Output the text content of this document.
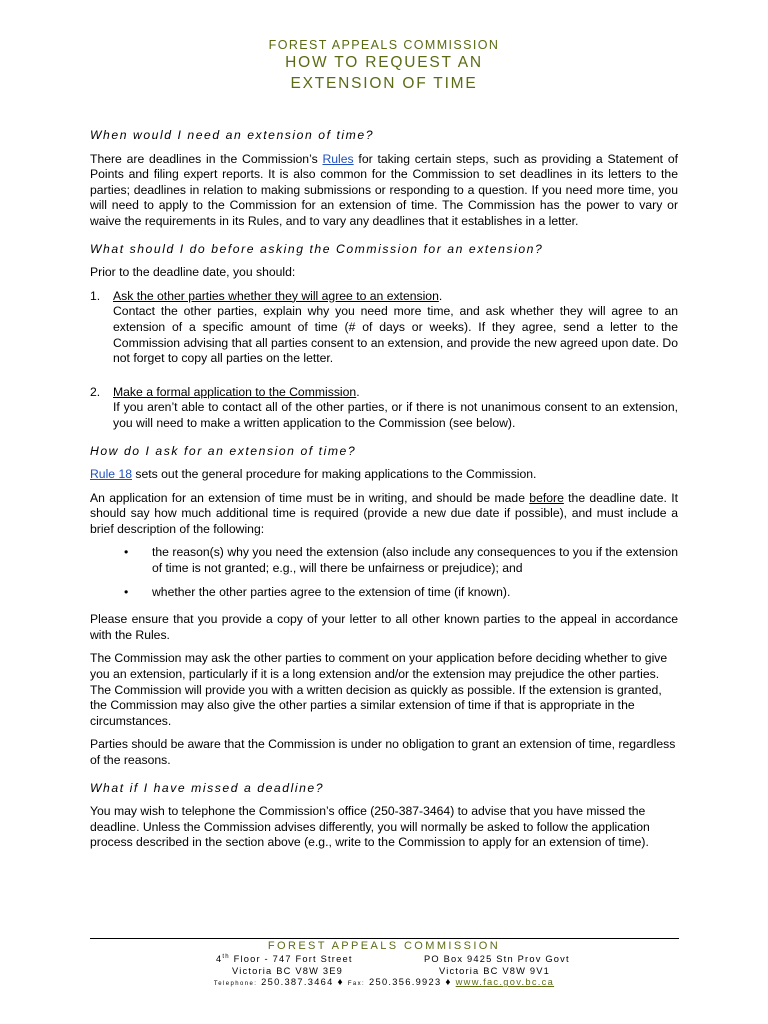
FOREST APPEALS COMMISSION
HOW TO REQUEST AN
EXTENSION OF TIME
When would I need an extension of time?

There are deadlines in the Commission’s Rules for taking certain steps, such as providing a Statement of Points and filing expert reports. It is also common for the Commission to set deadlines in its letters to the parties; deadlines in relation to making submissions or responding to a question. If you need more time, you will need to apply to the Commission for an extension of time. The Commission has the power to vary or waive the requirements in its Rules, and to vary any deadlines that it establishes in a letter.

What should I do before asking the Commission for an extension?

Prior to the deadline date, you should:

1.	Ask the other parties whether they will agree to an extension.
Contact the other parties, explain why you need more time, and ask whether they will agree to an extension of a specific amount of time (# of days or weeks). If they agree, send a letter to the Commission advising that all parties consent to an extension, and provide the new agreed upon date. Do not forget to copy all parties on the letter.
2.	Make a formal application to the Commission.
If you aren’t able to contact all of the other parties, or if there is not unanimous consent to an extension, you will need to make a written application to the Commission (see below).
How do I ask for an extension of time?

Rule 18 sets out the general procedure for making applications to the Commission.

An application for an extension of time must be in writing, and should be made before the deadline date. It should say how much additional time is required (provide a new due date if possible), and must include a brief description of the following:

•	the reason(s) why you need the extension (also include any consequences to you if the extension of time is not granted; e.g., will there be unfairness or prejudice); and
•	whether the other parties agree to the extension of time (if known).

Please ensure that you provide a copy of your letter to all other known parties to the appeal in accordance with the Rules.

The Commission may ask the other parties to comment on your application before deciding whether to give you an extension, particularly if it is a long extension and/or the extension may prejudice the other parties. The Commission will provide you with a written decision as quickly as possible. If the extension is granted, the Commission may also give the other parties a similar extension of time if that is appropriate in the circumstances.

Parties should be aware that the Commission is under no obligation to grant an extension of time, regardless of the reasons.

What if I have missed a deadline?

You may wish to telephone the Commission’s office (250-387-3464) to advise that you have missed the deadline. Unless the Commission advises differently, you will normally be asked to follow the application process described in the section above (e.g., write to the Commission to apply for an extension of time).

FOREST APPEALS COMMISSION
4th Floor - 747 Fort Street	PO Box 9425 Stn Prov Govt
Victoria BC V8W 3E9	Victoria BC V8W 9V1
Telephone: 250.387.3464 ♦ Fax: 250.356.9923 ♦ www.fac.gov.bc.ca
